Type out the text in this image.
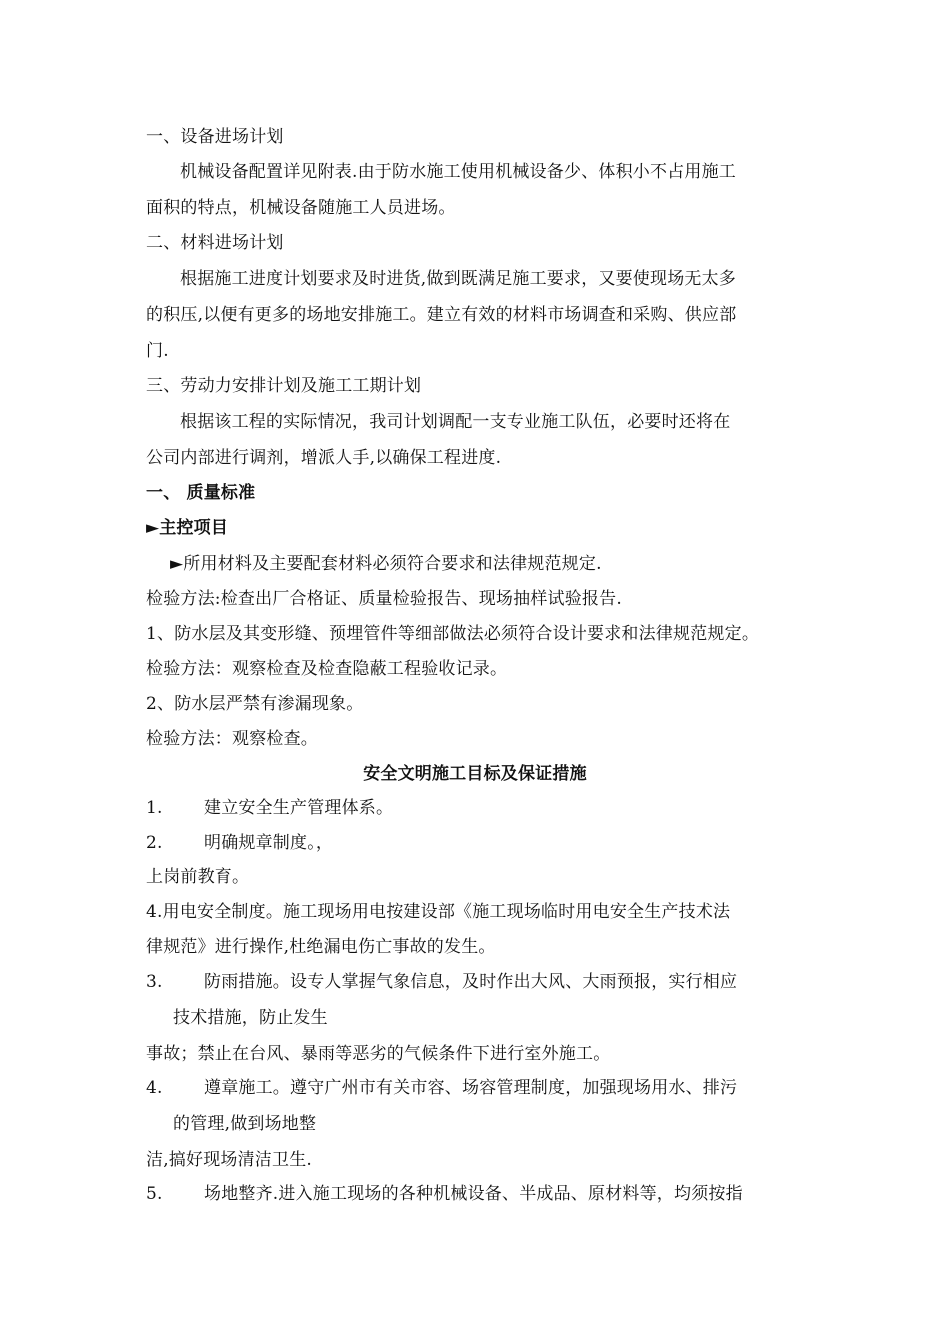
一、设备进场计划
机械设备配置详见附表.由于防水施工使用机械设备少、体积小不占用施工
面积的特点，机械设备随施工人员进场。
二、材料进场计划
根据施工进度计划要求及时进货,做到既满足施工要求，又要使现场无太多
的积压,以便有更多的场地安排施工。建立有效的材料市场调查和采购、供应部
门.
三、劳动力安排计划及施工工期计划
根据该工程的实际情况，我司计划调配一支专业施工队伍，必要时还将在
公司内部进行调剂，增派人手,以确保工程进度.
一、 质量标准
►主控项目
►所用材料及主要配套材料必须符合要求和法律规范规定.
检验方法:检查出厂合格证、质量检验报告、现场抽样试验报告.
1、防水层及其变形缝、预埋管件等细部做法必须符合设计要求和法律规范规定。
检验方法：观察检查及检查隐蔽工程验收记录。
2、防水层严禁有渗漏现象。
检验方法：观察检查。
安全文明施工目标及保证措施
1. 建立安全生产管理体系。
2. 明确规章制度。，
上岗前教育。
4.用电安全制度。施工现场用电按建设部《施工现场临时用电安全生产技术法
律规范》进行操作,杜绝漏电伤亡事故的发生。
3. 防雨措施。设专人掌握气象信息，及时作出大风、大雨预报，实行相应
技术措施，防止发生
事故；禁止在台风、暴雨等恶劣的气候条件下进行室外施工。
4. 遵章施工。遵守广州市有关市容、场容管理制度，加强现场用水、排污
的管理,做到场地整
洁,搞好现场清洁卫生.
5. 场地整齐.进入施工现场的各种机械设备、半成品、原材料等，均须按指
